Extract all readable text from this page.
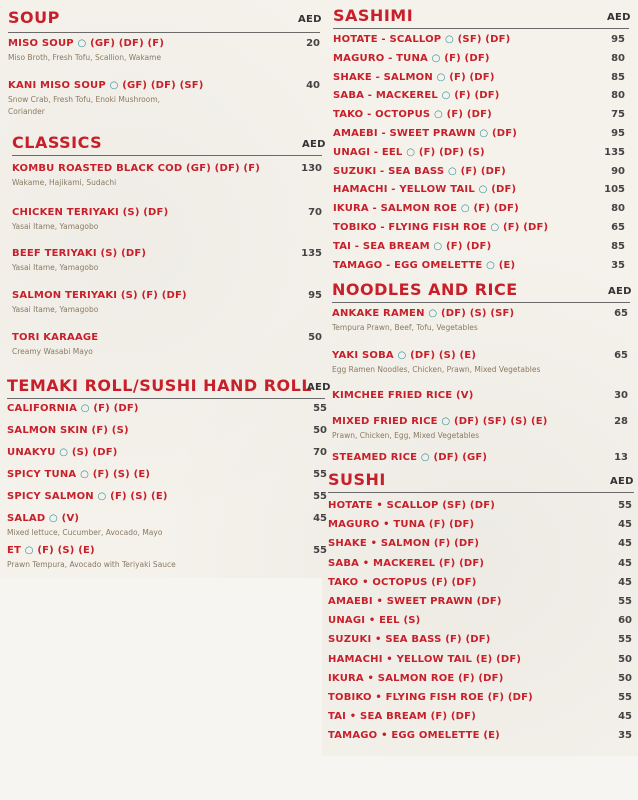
SOUP	AED
MISO SOUP ○ (GF) (DF) (F)
Miso Broth, Fresh Tofu, Scallion, Wakame
20
KANI MISO SOUP ○ (GF) (DF) (SF)
Snow Crab, Fresh Tofu, Enoki Mushroom,
Coriander
40
CLASSICS	AED
KOMBU ROASTED BLACK COD (GF) (DF) (F)
Wakame, Hajikami, Sudachi
130
CHICKEN TERIYAKI (S) (DF)
Yasai Itame, Yamagobo
70
BEEF TERIYAKI (S) (DF)
Yasai Itame, Yamagobo
135
SALMON TERIYAKI (S) (F) (DF)
Yasai Itame, Yamagobo
95
TORI KARAAGE
Creamy Wasabi Mayo
50
TEMAKI ROLL/SUSHI HAND ROLL
AED
CALIFORNIA ○ (F) (DF)	55
SALMON SKIN (F) (S)	50
UNAKYU ○ (S) (DF)	70
SPICY TUNA ○ (F) (S) (E)	55
SPICY SALMON ○ (F) (S) (E)	55
SALAD ○ (V)
Mixed lettuce, Cucumber, Avocado, Mayo
45
ET ○ (F) (S) (E)
Prawn Tempura, Avocado with Teriyaki Sauce
55
SASHIMI	AED
HOTATE - SCALLOP ○ (SF) (DF)	95
MAGURO - TUNA ○ (F) (DF)	80
SHAKE - SALMON ○ (F) (DF)	85
SABA - MACKEREL ○ (F) (DF)	80
TAKO - OCTOPUS ○ (F) (DF)	75
AMAEBI - SWEET PRAWN ○ (DF)	95
UNAGI - EEL ○ (F) (DF) (S)	135
SUZUKI - SEA BASS ○ (F) (DF)	90
HAMACHI - YELLOW TAIL ○ (DF)	105
IKURA - SALMON ROE ○ (F) (DF)	80
TOBIKO - FLYING FISH ROE ○ (F) (DF)	65
TAI - SEA BREAM ○ (F) (DF)	85
TAMAGO - EGG OMELETTE ○ (E)	35
NOODLES AND RICE	AED
ANKAKE RAMEN ○ (DF) (S) (SF)
Tempura Prawn, Beef, Tofu, Vegetables
65
YAKI SOBA ○ (DF) (S) (E)
Egg Ramen Noodles, Chicken, Prawn, Mixed Vegetables
65
KIMCHEE FRIED RICE (V)	30
MIXED FRIED RICE ○ (DF) (SF) (S) (E)
Prawn, Chicken, Egg, Mixed Vegetables
28
STEAMED RICE ○ (DF) (GF)	13
SUSHI	AED
HOTATE • SCALLOP (SF) (DF)	55
MAGURO • TUNA (F) (DF)	45
SHAKE • SALMON (F) (DF)	45
SABA • MACKEREL (F) (DF)	45
TAKO • OCTOPUS (F) (DF)	45
AMAEBI • SWEET PRAWN (DF)	55
UNAGI • EEL (S)	60
SUZUKI • SEA BASS (F) (DF)	55
HAMACHI • YELLOW TAIL (E) (DF)	50
IKURA • SALMON ROE (F) (DF)	50
TOBIKO • FLYING FISH ROE (F) (DF)	55
TAI • SEA BREAM (F) (DF)	45
TAMAGO • EGG OMELETTE (E)	35
